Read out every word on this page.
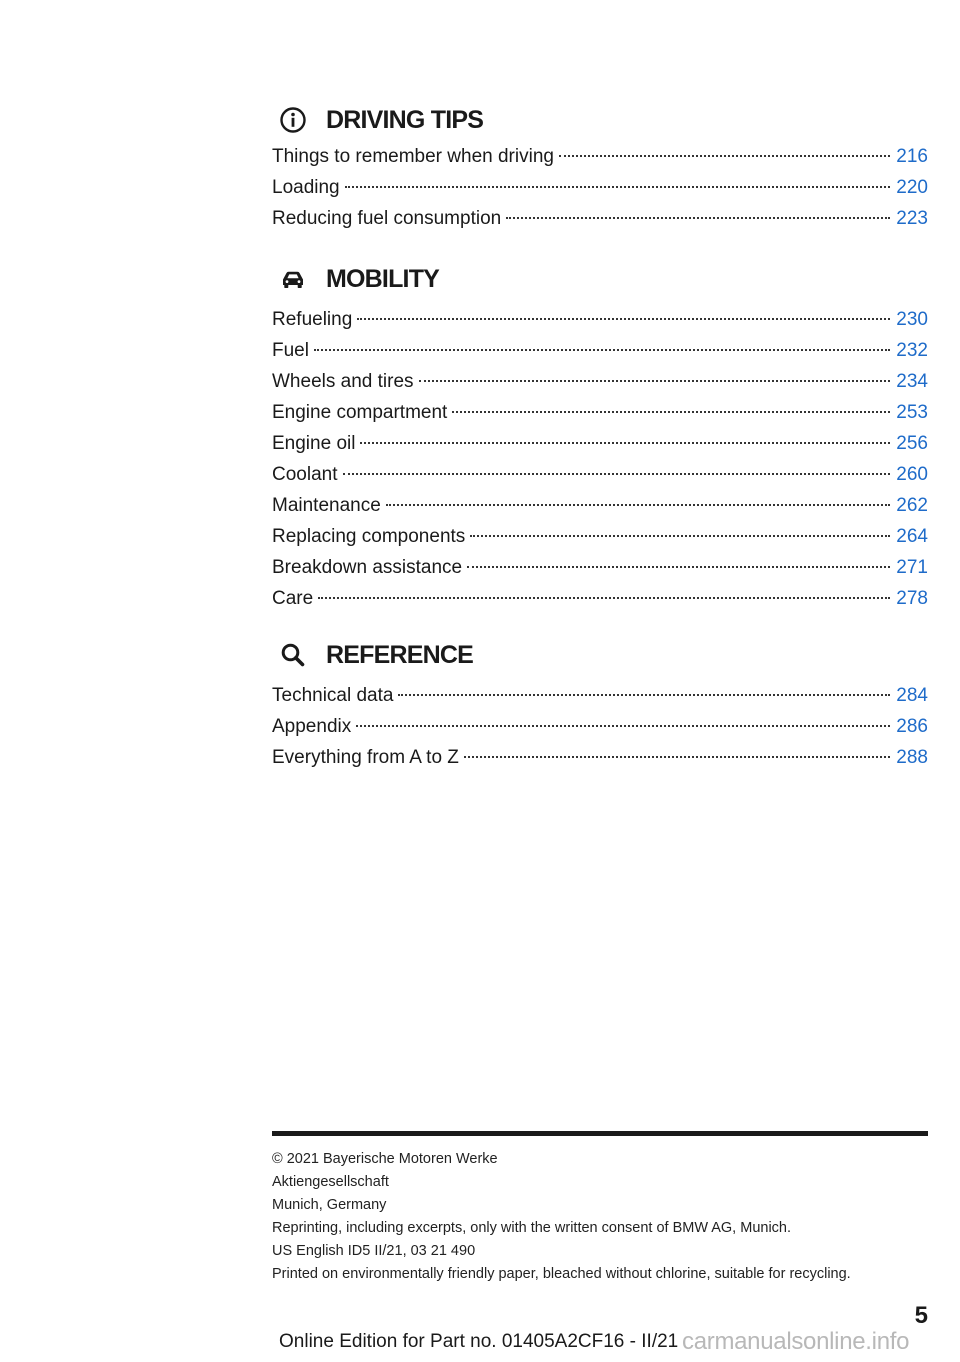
DRIVING TIPS
Things to remember when driving	216
Loading	220
Reducing fuel consumption	223
MOBILITY
Refueling	230
Fuel	232
Wheels and tires	234
Engine compartment	253
Engine oil	256
Coolant	260
Maintenance	262
Replacing components	264
Breakdown assistance	271
Care	278
REFERENCE
Technical data	284
Appendix	286
Everything from A to Z	288
© 2021 Bayerische Motoren Werke
Aktiengesellschaft
Munich, Germany
Reprinting, including excerpts, only with the written consent of BMW AG, Munich.
US English ID5 II/21, 03 21 490
Printed on environmentally friendly paper, bleached without chlorine, suitable for recycling.
5
Online Edition for Part no. 01405A2CF16 - II/21 carmanualsonline.info
